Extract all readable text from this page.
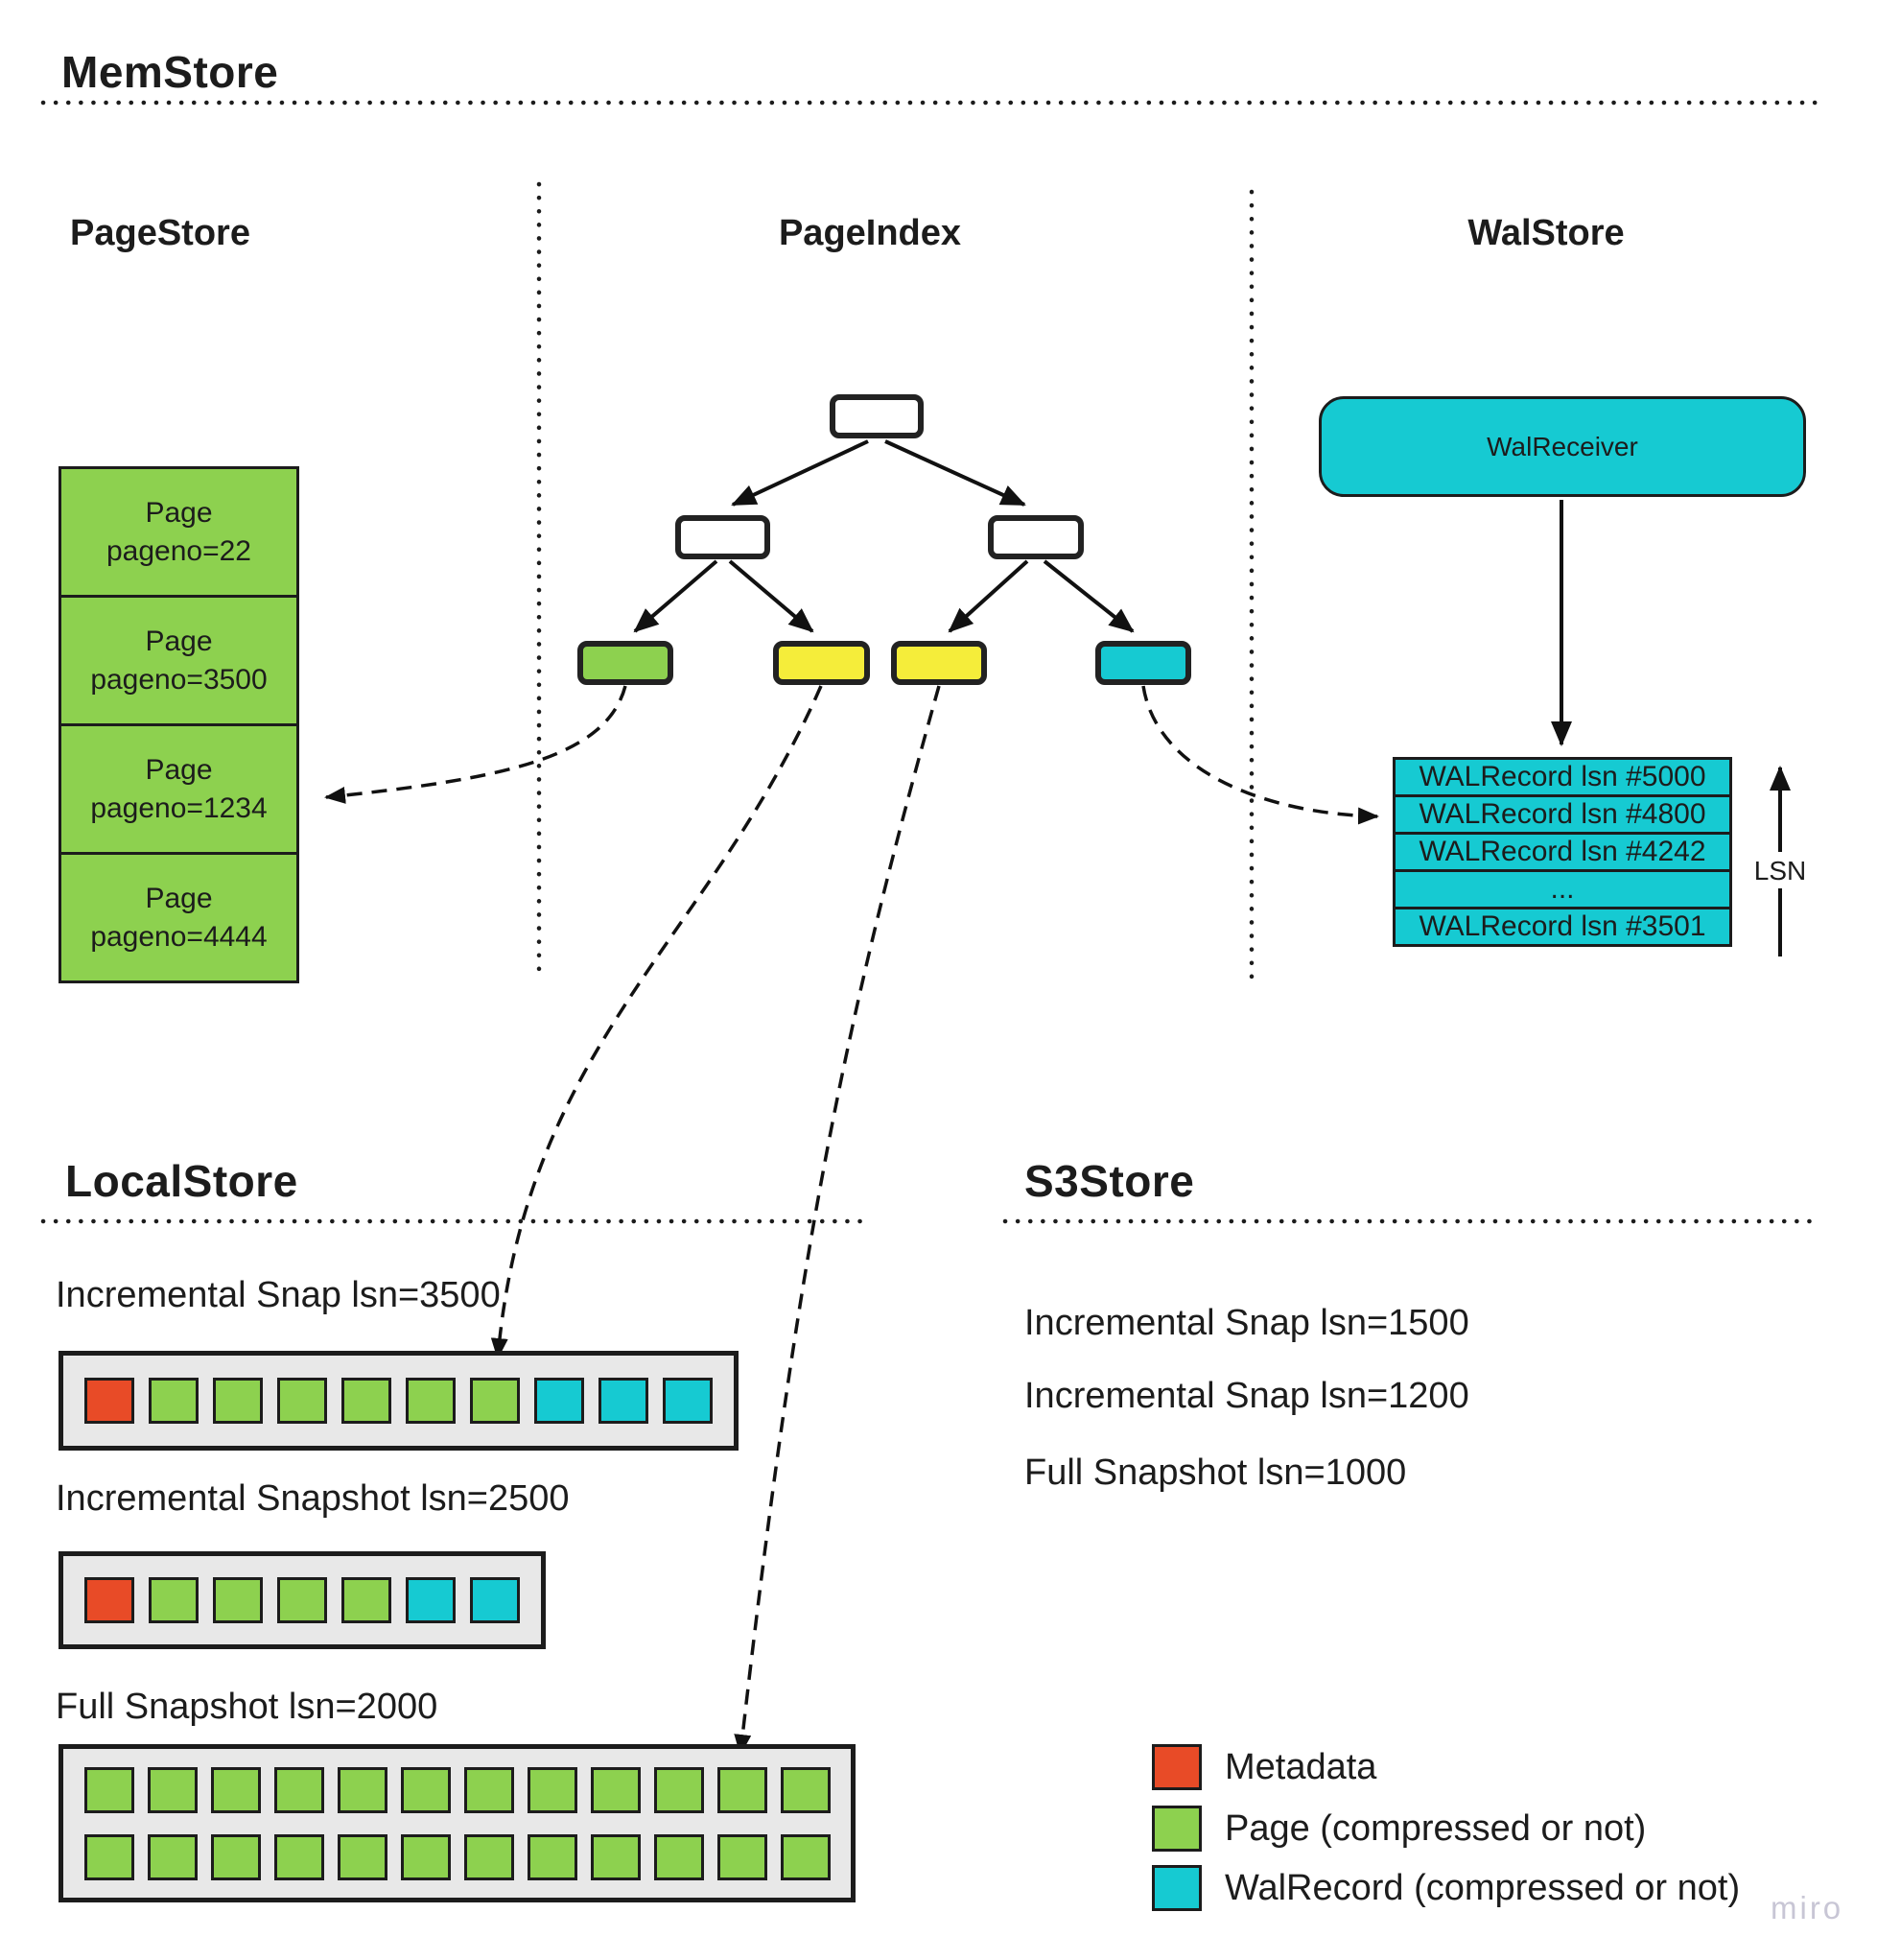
MemStore
PageStore	PageIndex	WalStore
Page
pageno=22
Page
pageno=3500
Page
pageno=1234
Page
pageno=4444
WalReceiver
WALRecord lsn #5000
WALRecord lsn #4800
WALRecord lsn #4242
...
WALRecord lsn #3501
LSN
LocalStore
Incremental Snap lsn=3500
Incremental Snapshot lsn=2500
Full Snapshot lsn=2000
S3Store
Incremental Snap lsn=1500
Incremental Snap lsn=1200
Full Snapshot lsn=1000
Metadata
Page (compressed or not)
WalRecord (compressed or not) miro
